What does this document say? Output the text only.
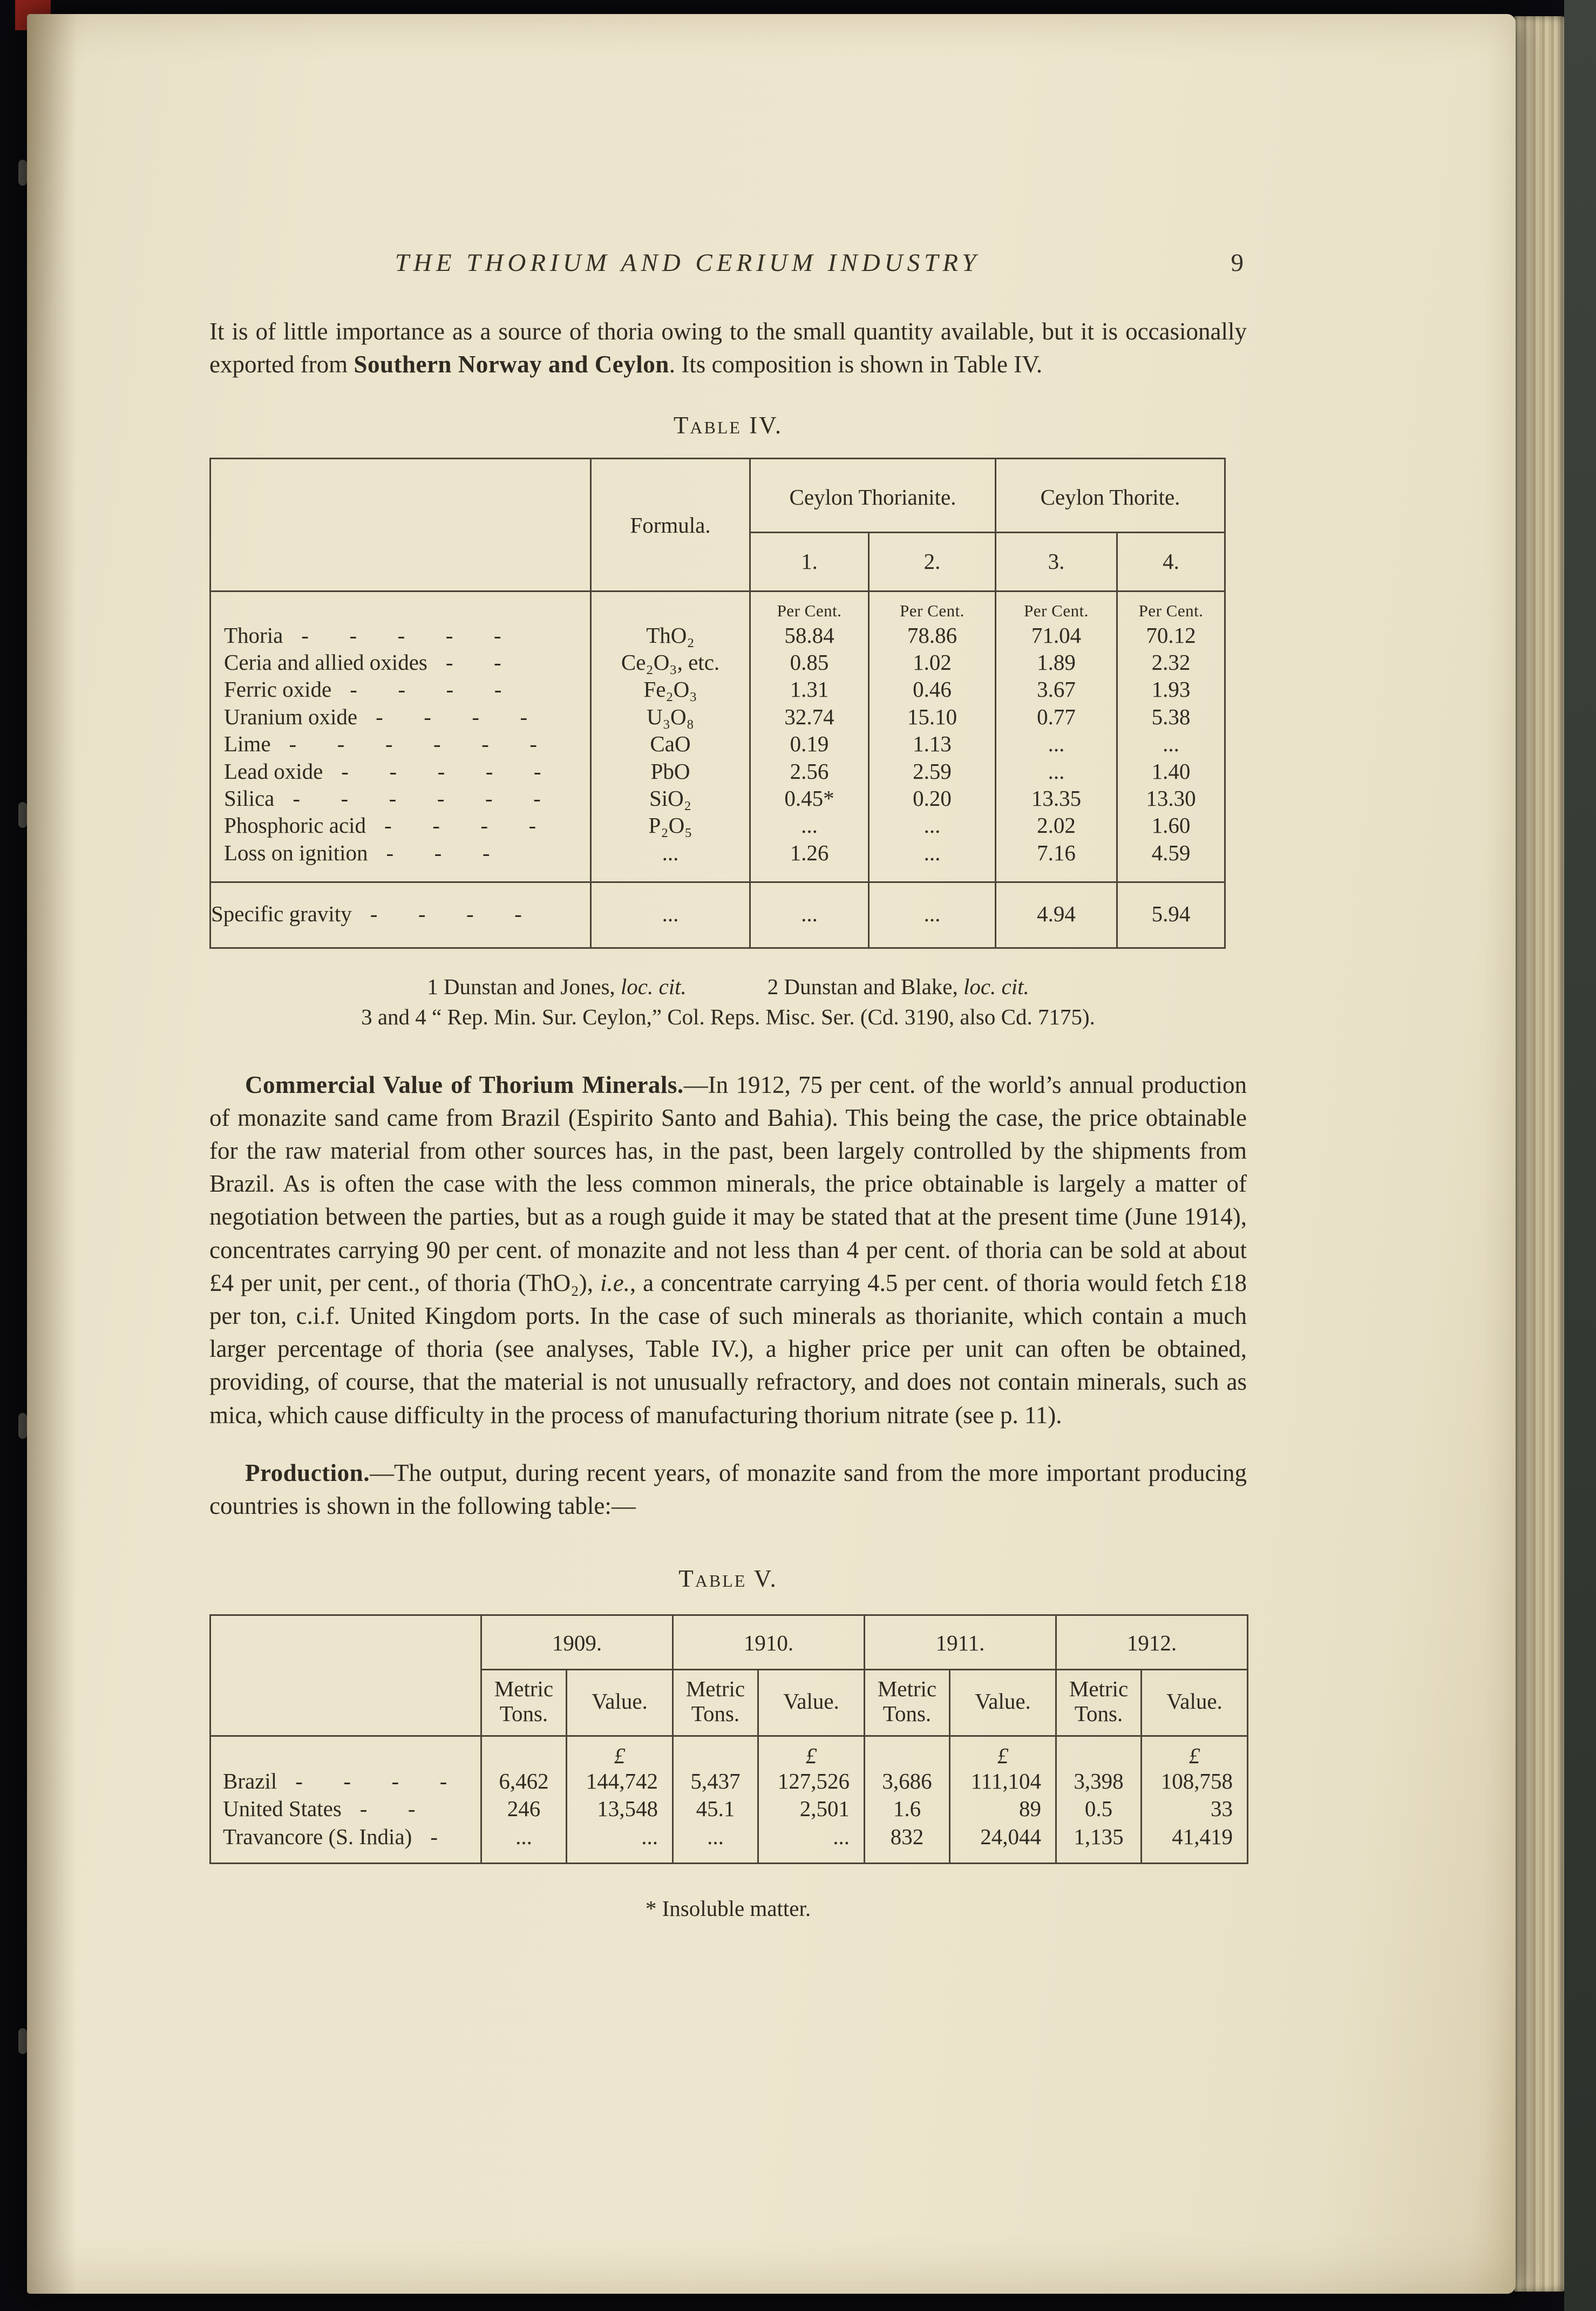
THE THORIUM AND CERIUM INDUSTRY	9

It is of little importance as a source of thoria owing to the small quantity available, but it is occasionally exported from Southern Norway and Ceylon. Its composition is shown in Table IV.

Table IV.
	Formula.	Ceylon Thorianite.		Ceylon Thorite.	
		1.	2.	3.	4.
		Per Cent.	Per Cent.	Per Cent.	Per Cent.
Thoria -      -      -      -      -	ThO₂	58.84	78.86	71.04	70.12
Ceria and allied oxides -      -	Ce₂O₃, etc.	0.85	1.02	1.89	2.32
Ferric oxide -      -      -      -	Fe₂O₃	1.31	0.46	3.67	1.93
Uranium oxide -      -      -      -	U₃O₈	32.74	15.10	0.77	5.38
Lime -      -      -      -      -      -	CaO	0.19	1.13	...	...
Lead oxide -      -      -      -      -	PbO	2.56	2.59	...	1.40
Silica -      -      -      -      -      -	SiO₂	0.45*	0.20	13.35	13.30
Phosphoric acid -      -      -      -	P₂O₅	...	...	2.02	1.60
Loss on ignition -      -      -	...	1.26	...	7.16	4.59
Specific gravity -      -      -      -	...	...	...	4.94	5.94
1 Dunstan and Jones, loc. cit.	2 Dunstan and Blake, loc. cit.
3 and 4 “ Rep. Min. Sur. Ceylon,” Col. Reps. Misc. Ser. (Cd. 3190, also Cd. 7175).

Commercial Value of Thorium Minerals.—In 1912, 75 per cent. of the world’s annual production of monazite sand came from Brazil (Espirito Santo and Bahia). This being the case, the price obtainable for the raw material from other sources has, in the past, been largely controlled by the shipments from Brazil. As is often the case with the less common minerals, the price obtainable is largely a matter of negotiation between the parties, but as a rough guide it may be stated that at the present time (June 1914), concentrates carrying 90 per cent. of monazite and not less than 4 per cent. of thoria can be sold at about £4 per unit, per cent., of thoria (ThO₂), i.e., a concentrate carrying 4.5 per cent. of thoria would fetch £18 per ton, c.i.f. United Kingdom ports. In the case of such minerals as thorianite, which contain a much larger percentage of thoria (see analyses, Table IV.), a higher price per unit can often be obtained, providing, of course, that the material is not unusually refractory, and does not contain minerals, such as mica, which cause difficulty in the process of manufacturing thorium nitrate (see p. 11).

Production.—The output, during recent years, of monazite sand from the more important producing countries is shown in the following table:—

Table V.
	1909.		1910.		1911.		1912.	
	Metric Tons.	Value.	Metric Tons.	Value.	Metric Tons.	Value.	Metric Tons.	Value.
		£		£		£		£
Brazil -      -      -      -	6,462	144,742	5,437	127,526	3,686	111,104	3,398	108,758
United States -      -	246	13,548	45.1	2,501	1.6	89	0.5	33
Travancore (S. India) -	...	...	...	...	832	24,044	1,135	41,419
* Insoluble matter.
